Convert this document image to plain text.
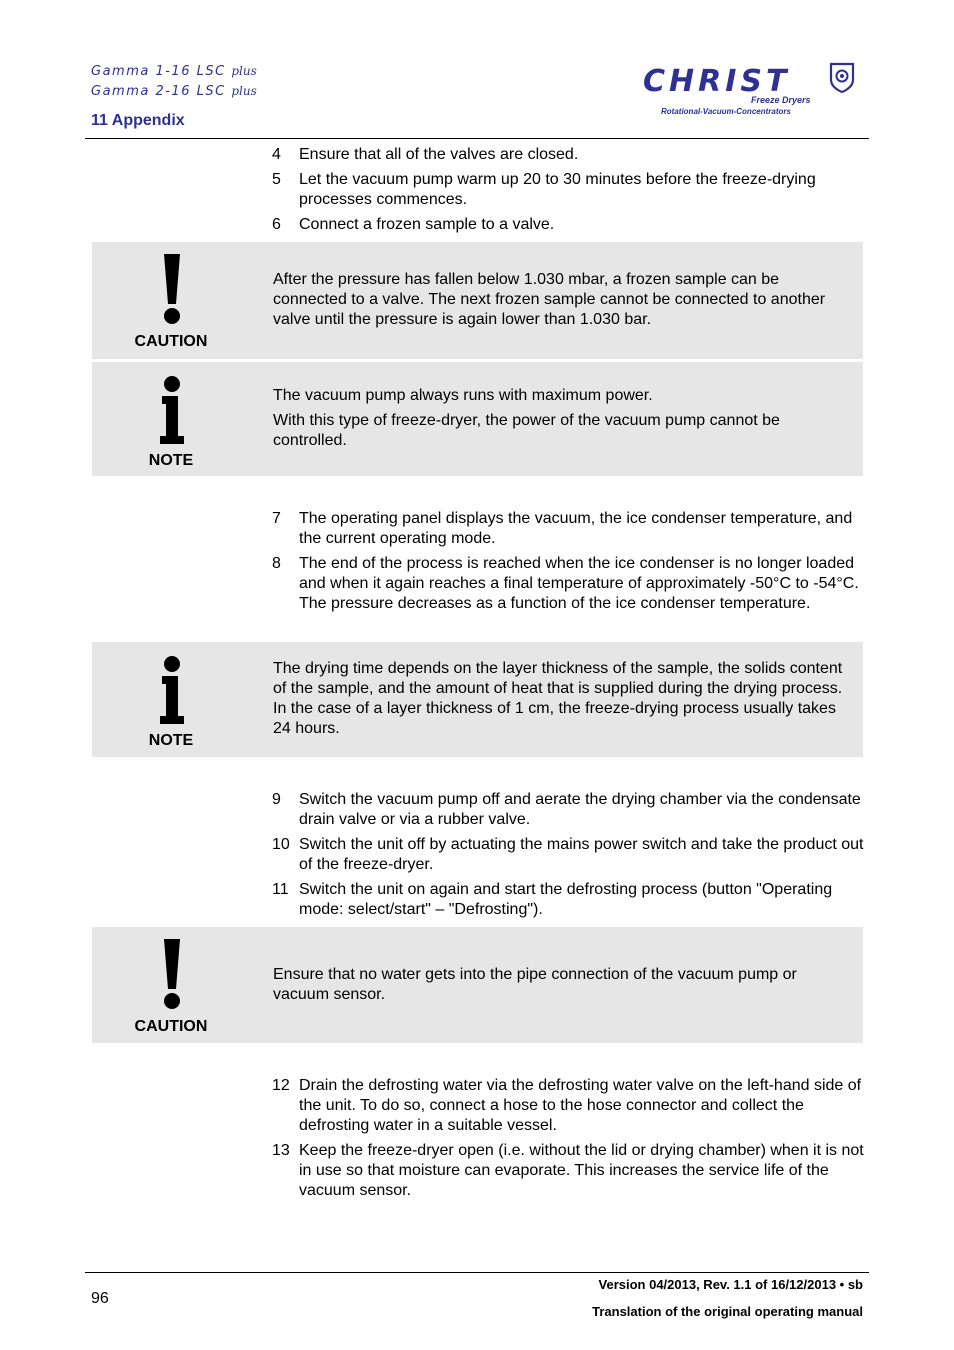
Gamma 1-16 LSC plus
Gamma 2-16 LSC plus
11 Appendix
CHRIST
Freeze Dryers
Rotational-Vacuum-Concentrators
4	Ensure that all of the valves are closed.
5	Let the vacuum pump warm up 20 to 30 minutes before the freeze-drying processes commences.
6	Connect a frozen sample to a valve.
CAUTION

After the pressure has fallen below 1.030 mbar, a frozen sample can be connected to a valve. The next frozen sample cannot be connected to another valve until the pressure is again lower than 1.030 bar.

NOTE

The vacuum pump always runs with maximum power.

With this type of freeze-dryer, the power of the vacuum pump cannot be controlled.

7	The operating panel displays the vacuum, the ice condenser temperature, and the current operating mode.
8	The end of the process is reached when the ice condenser is no longer loaded and when it again reaches a final temperature of approximately -50°C to -54°C. The pressure decreases as a function of the ice condenser temperature.
NOTE

The drying time depends on the layer thickness of the sample, the solids content of the sample, and the amount of heat that is supplied during the drying process. In the case of a layer thickness of 1 cm, the freeze-drying process usually takes 24 hours.

9	Switch the vacuum pump off and aerate the drying chamber via the condensate drain valve or via a rubber valve.
10 Switch the unit off by actuating the mains power switch and take the product out of the freeze-dryer.
11 Switch the unit on again and start the defrosting process (button "Operating mode: select/start" – "Defrosting").
CAUTION

Ensure that no water gets into the pipe connection of the vacuum pump or vacuum sensor.

12 Drain the defrosting water via the defrosting water valve on the left-hand side of the unit. To do so, connect a hose to the hose connector and collect the defrosting water in a suitable vessel.
13 Keep the freeze-dryer open (i.e. without the lid or drying chamber) when it is not in use so that moisture can evaporate. This increases the service life of the vacuum sensor.
96
Version 04/2013, Rev. 1.1 of 16/12/2013 • sb
Translation of the original operating manual
